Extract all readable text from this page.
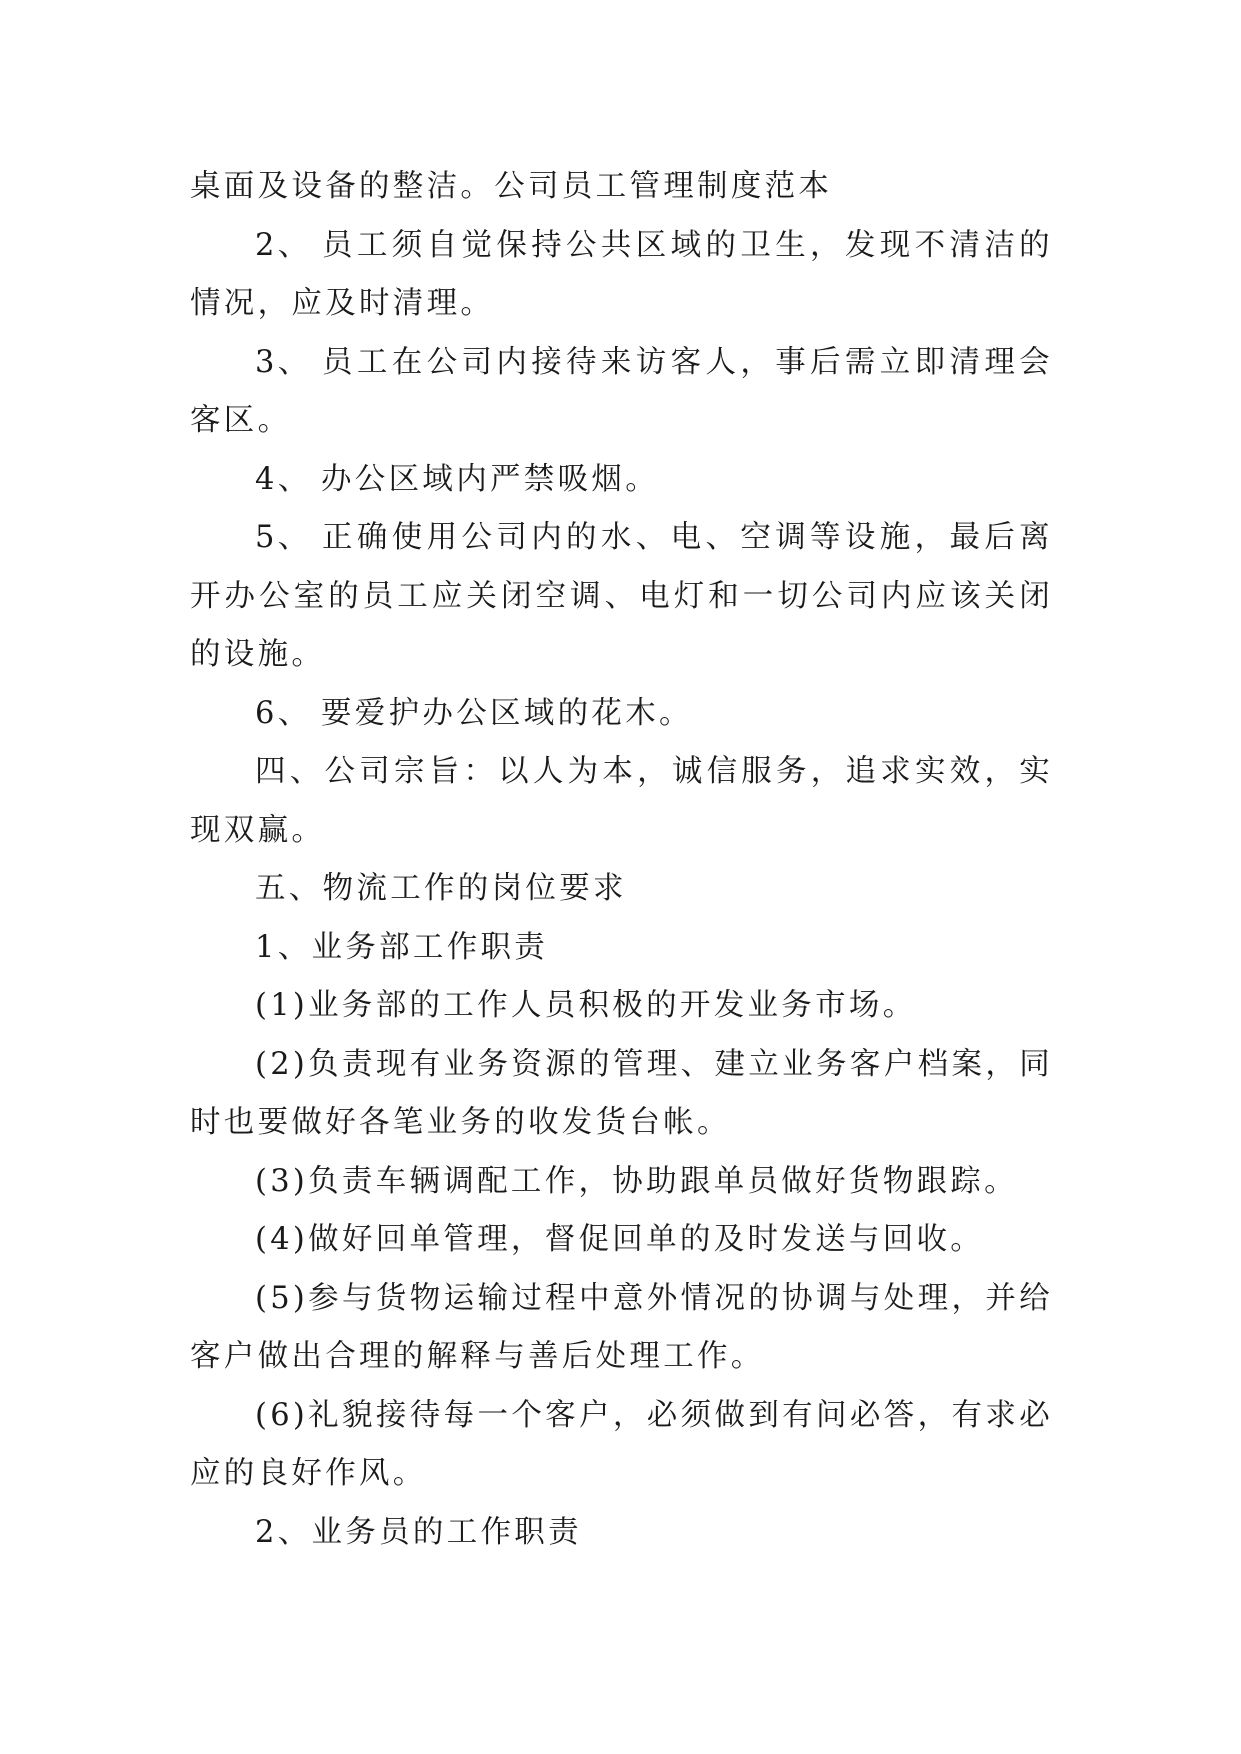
桌面及设备的整洁。公司员工管理制度范本

2、 员工须自觉保持公共区域的卫生，发现不清洁的情况，应及时清理。

3、 员工在公司内接待来访客人，事后需立即清理会客区。

4、 办公区域内严禁吸烟。

5、 正确使用公司内的水、电、空调等设施，最后离开办公室的员工应关闭空调、电灯和一切公司内应该关闭的设施。

6、 要爱护办公区域的花木。

四、公司宗旨：以人为本，诚信服务，追求实效，实现双赢。

五、物流工作的岗位要求

1、业务部工作职责

(1)业务部的工作人员积极的开发业务市场。

(2)负责现有业务资源的管理、建立业务客户档案，同时也要做好各笔业务的收发货台帐。

(3)负责车辆调配工作，协助跟单员做好货物跟踪。

(4)做好回单管理，督促回单的及时发送与回收。

(5)参与货物运输过程中意外情况的协调与处理，并给客户做出合理的解释与善后处理工作。

(6)礼貌接待每一个客户，必须做到有问必答，有求必应的良好作风。

2、业务员的工作职责
